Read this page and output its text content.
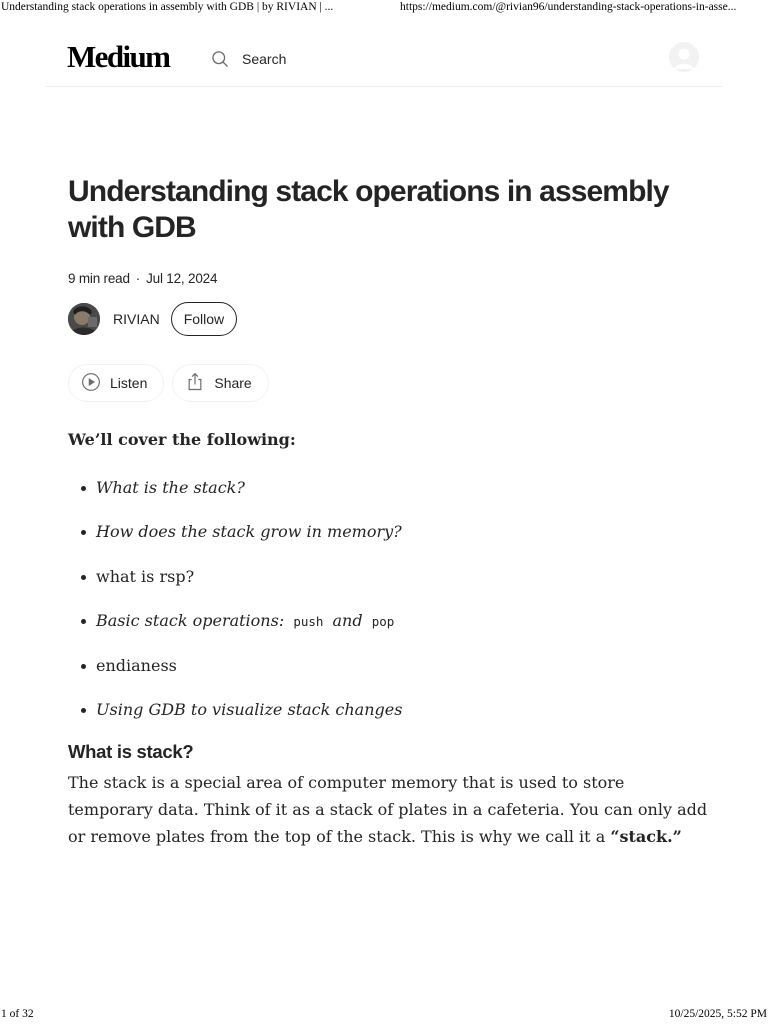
Understanding stack operations in assembly with GDB | by RIVIAN | ...	https://medium.com/@rivian96/understanding-stack-operations-in-asse...
Medium	Search
Understanding stack operations in assembly with GDB
9 min read · Jul 12, 2024
RIVIAN	Follow
Listen	Share

We’ll cover the following:

What is the stack?
How does the stack grow in memory?
what is rsp?
Basic stack operations: push and pop
endianess
Using GDB to visualize stack changes
What is stack?

The stack is a special area of computer memory that is used to store temporary data. Think of it as a stack of plates in a cafeteria. You can only add or remove plates from the top of the stack. This is why we call it a “stack.”

1 of 32	10/25/2025, 5:52 PM
